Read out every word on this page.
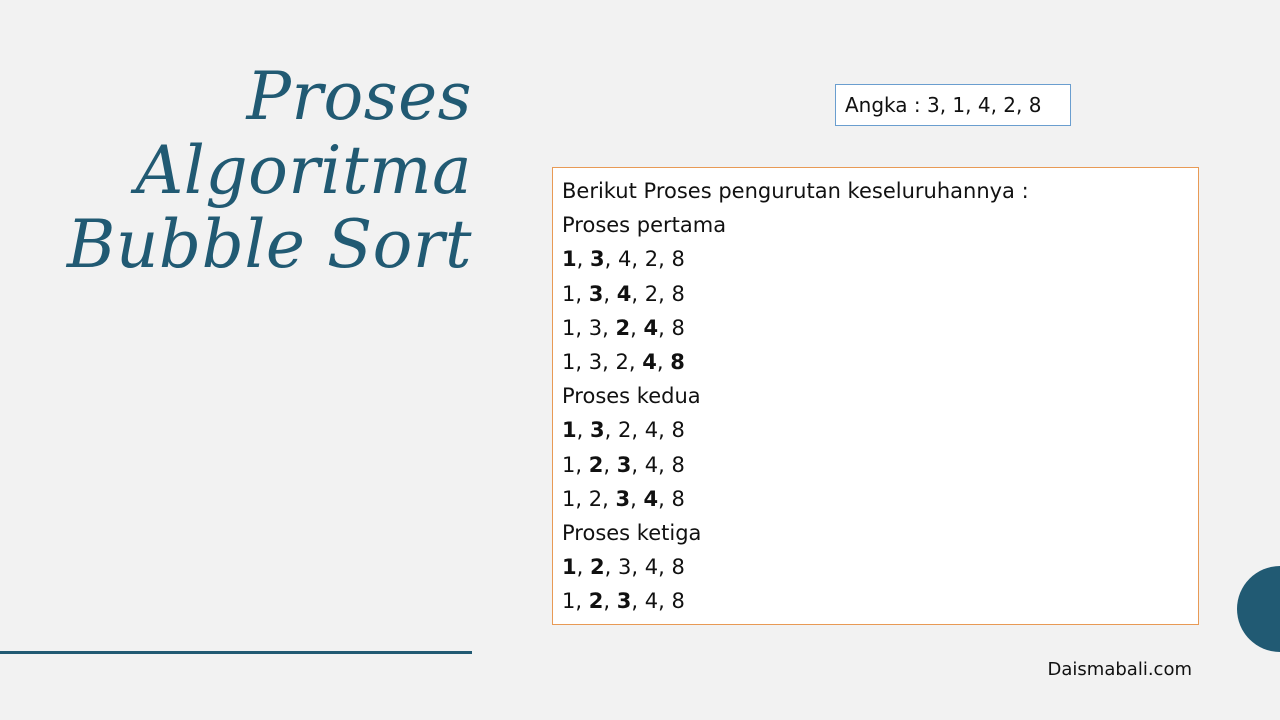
Proses
Algoritma
Bubble Sort
Angka : 3, 1, 4, 2, 8
Berikut Proses pengurutan keseluruhannya :
Proses pertama
1, 3, 4, 2, 8
1, 3, 4, 2, 8
1, 3, 2, 4, 8
1, 3, 2, 4, 8
Proses kedua
1, 3, 2, 4, 8
1, 2, 3, 4, 8
1, 2, 3, 4, 8
Proses ketiga
1, 2, 3, 4, 8
1, 2, 3, 4, 8
Daismabali.com
